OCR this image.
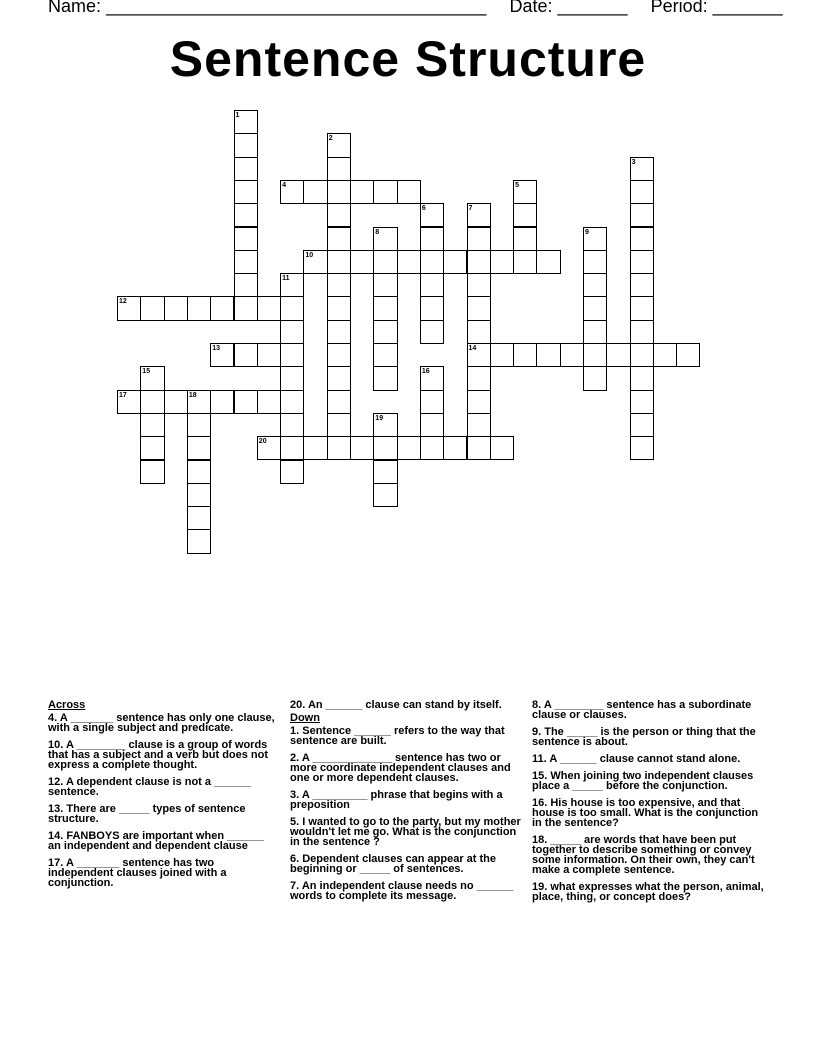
Name: ______________________________________ Date: _______ Period: _______
Sentence Structure
1
2
3
4	5
6	7
8	9
10
11
12
13	14
15	16
17	18
19
20
Across
4. A _______ sentence has only one clause, with a single subject and predicate.
10. A ________ clause is a group of words that has a subject and a verb but does not express a complete thought.
12. A dependent clause is not a ______ sentence.
13. There are _____ types of sentence structure.
14. FANBOYS are important when ______ an independent and dependent clause
17. A _______ sentence has two independent clauses joined with a conjunction.
20. An ______ clause can stand by itself.
Down
1. Sentence ______ refers to the way that sentence are built.
2. A _____________ sentence has two or more coordinate independent clauses and one or more dependent clauses.
3. A _________ phrase that begins with a preposition
5. I wanted to go to the party, but my mother wouldn't let me go. What is the conjunction in the sentence ?
6. Dependent clauses can appear at the beginning or _____ of sentences.
7. An independent clause needs no ______ words to complete its message.
8. A ________ sentence has a subordinate clause or clauses.
9. The _____ is the person or thing that the sentence is about.
11. A ______ clause cannot stand alone.
15. When joining two independent clauses place a _____ before the conjunction.
16. His house is too expensive, and that house is too small. What is the conjunction in the sentence?
18. _____ are words that have been put together to describe something or convey some information. On their own, they can't make a complete sentence.
19. what expresses what the person, animal, place, thing, or concept does?
